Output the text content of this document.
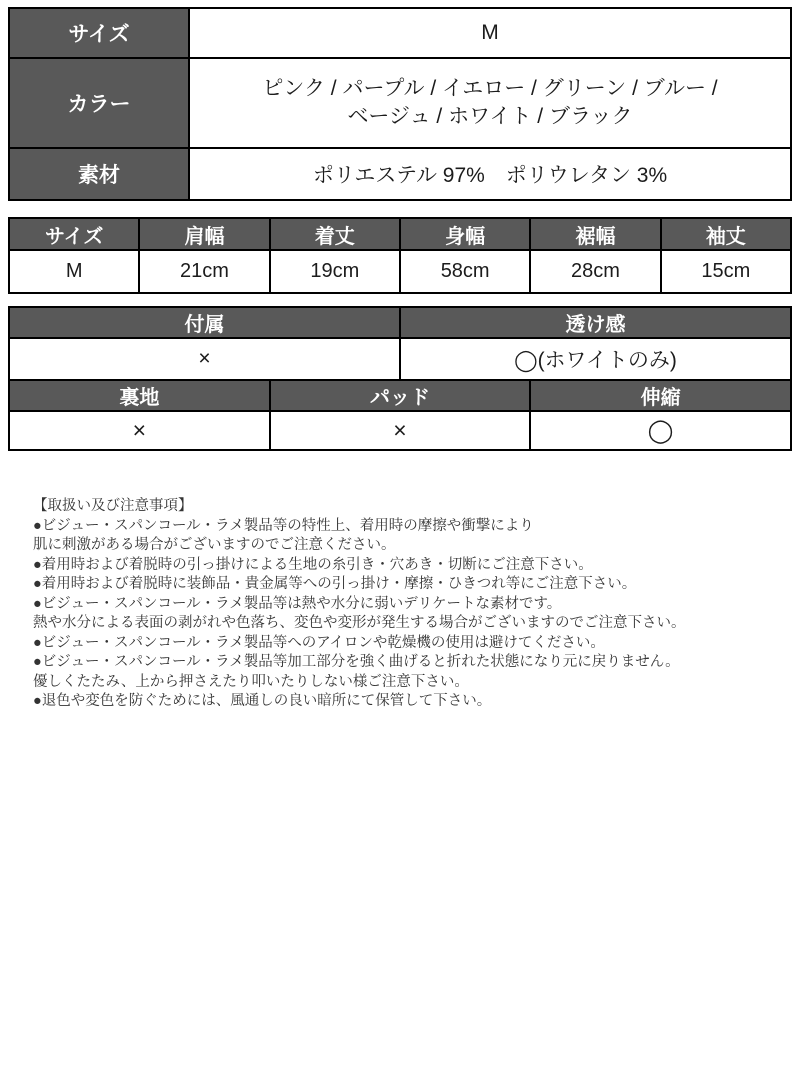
サイズ	M
カラー	ピンク / パープル / イエロー / グリーン / ブルー /
ベージュ / ホワイト / ブラック

素材	ポリエステル 97%　ポリウレタン 3%
サイズ	肩幅	着丈	身幅	裾幅	袖丈
M	21cm	19cm	58cm	28cm	15cm
付属	透け感
×	◯(ホワイトのみ)
裏地	パッド	伸縮
×	×	◯
【取扱い及び注意事項】
●ビジュー・スパンコール・ラメ製品等の特性上、着用時の摩擦や衝撃により
肌に刺激がある場合がございますのでご注意ください。
●着用時および着脱時の引っ掛けによる生地の糸引き・穴あき・切断にご注意下さい。
●着用時および着脱時に装飾品・貴金属等への引っ掛け・摩擦・ひきつれ等にご注意下さい。
●ビジュー・スパンコール・ラメ製品等は熱や水分に弱いデリケートな素材です。
熱や水分による表面の剥がれや色落ち、変色や変形が発生する場合がございますのでご注意下さい。
●ビジュー・スパンコール・ラメ製品等へのアイロンや乾燥機の使用は避けてください。
●ビジュー・スパンコール・ラメ製品等加工部分を強く曲げると折れた状態になり元に戻りません。
優しくたたみ、上から押さえたり叩いたりしない様ご注意下さい。
●退色や変色を防ぐためには、風通しの良い暗所にて保管して下さい。
